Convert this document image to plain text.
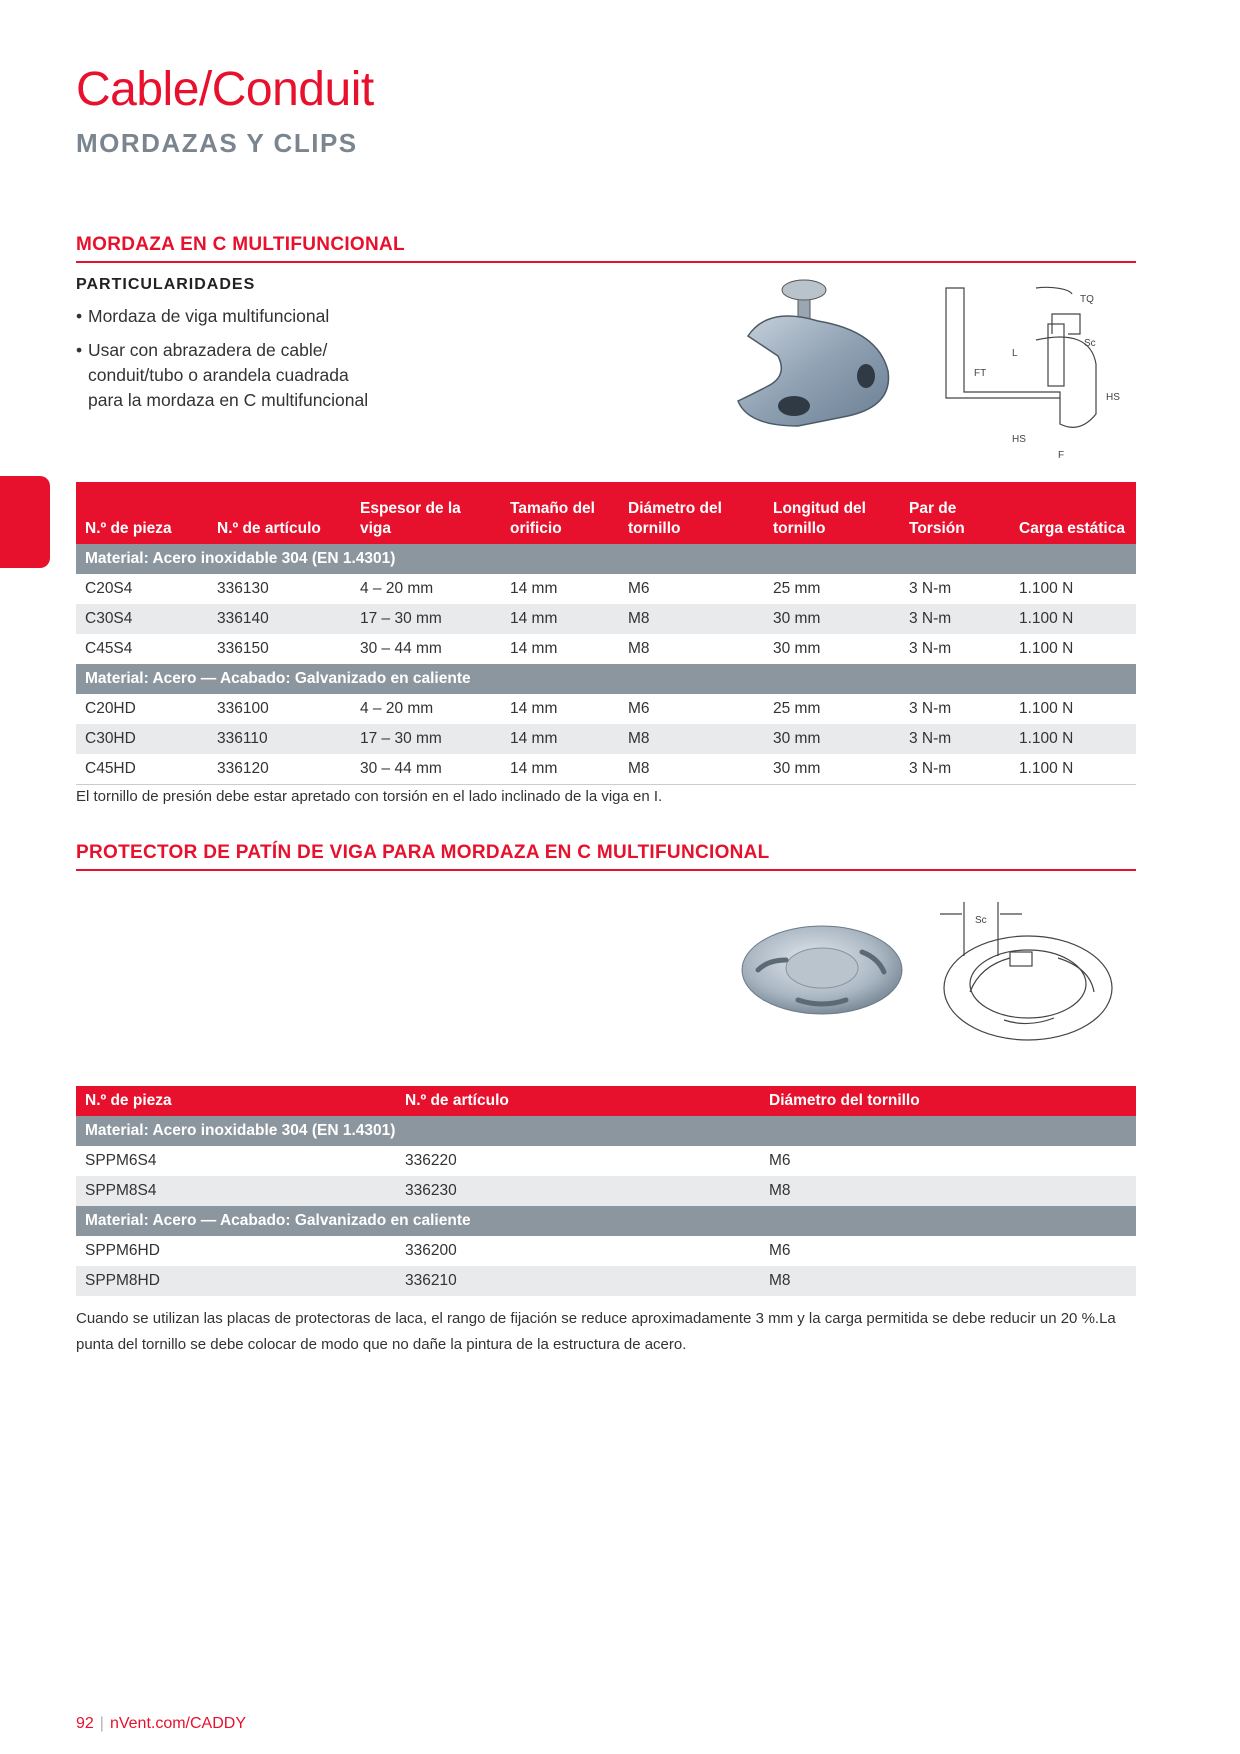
Cable/Conduit
MORDAZAS Y CLIPS
MORDAZA EN C MULTIFUNCIONAL
PARTICULARIDADES
• Mordaza de viga multifuncional
• Usar con abrazadera de cable/ conduit/tubo o arandela cuadrada para la mordaza en C multifuncional
TQ
Sc
L
FT
HS
HS
F
N.º de pieza	N.º de artículo	Espesor de la viga	Tamaño del orificio	Diámetro del tornillo	Longitud del tornillo	Par de Torsión	Carga estática
Material: Acero inoxidable 304 (EN 1.4301)							
C20S4	336130	4 – 20 mm	14 mm	M6	25 mm	3 N-m	1.100 N
C30S4	336140	17 – 30 mm	14 mm	M8	30 mm	3 N-m	1.100 N
C45S4	336150	30 – 44 mm	14 mm	M8	30 mm	3 N-m	1.100 N
Material: Acero — Acabado: Galvanizado en caliente							
C20HD	336100	4 – 20 mm	14 mm	M6	25 mm	3 N-m	1.100 N
C30HD	336110	17 – 30 mm	14 mm	M8	30 mm	3 N-m	1.100 N
C45HD	336120	30 – 44 mm	14 mm	M8	30 mm	3 N-m	1.100 N
El tornillo de presión debe estar apretado con torsión en el lado inclinado de la viga en I.
PROTECTOR DE PATÍN DE VIGA PARA MORDAZA EN C MULTIFUNCIONAL
Sc
N.º de pieza	N.º de artículo	Diámetro del tornillo
Material: Acero inoxidable 304 (EN 1.4301)		
SPPM6S4	336220	M6
SPPM8S4	336230	M8
Material: Acero — Acabado: Galvanizado en caliente		
SPPM6HD	336200	M6
SPPM8HD	336210	M8
Cuando se utilizan las placas de protectoras de laca, el rango de fijación se reduce aproximadamente 3 mm y la carga permitida se debe reducir un 20 %.La punta del tornillo se debe colocar de modo que no dañe la pintura de la estructura de acero.
92 | nVent.com/CADDY
